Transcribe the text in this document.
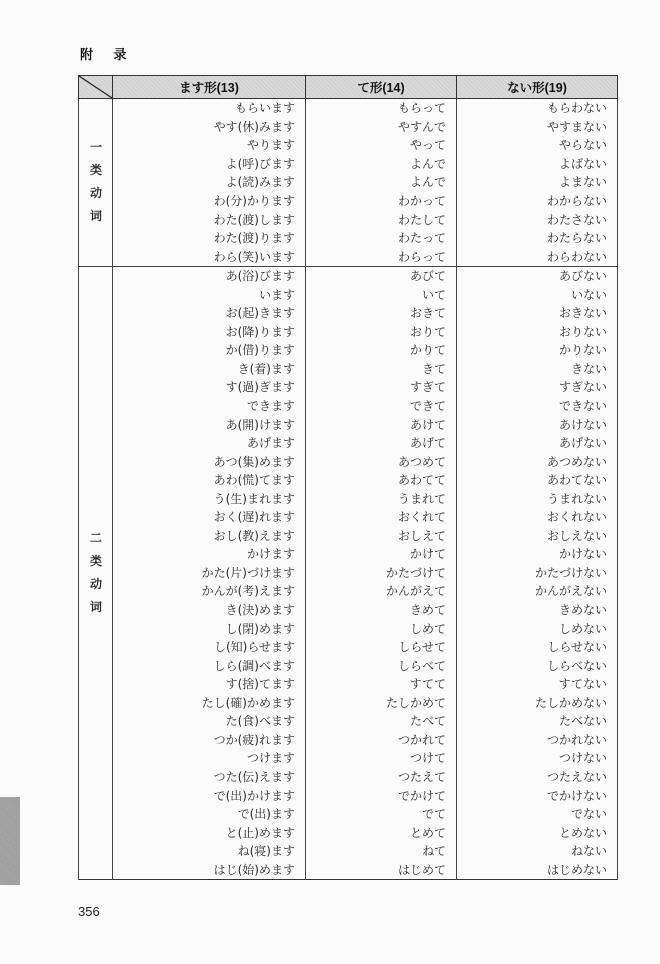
附 录
	ます形(13)	て形(14)	ない形(19)

一
类
动
词	もらいます	もらって	もらわない
	やす(休)みます	やすんで	やすまない
	やります	やって	やらない
	よ(呼)びます	よんで	よばない
	よ(読)みます	よんで	よまない
	わ(分)かります	わかって	わからない
	わた(渡)します	わたして	わたさない
	わた(渡)ります	わたって	わたらない
	わら(笑)います	わらって	わらわない

二
类
动
词	あ(浴)びます	あびて	あびない
	います	いて	いない
	お(起)きます	おきて	おきない
	お(降)ります	おりて	おりない
	か(借)ります	かりて	かりない
	き(着)ます	きて	きない
	す(過)ぎます	すぎて	すぎない
	できます	できて	できない
	あ(開)けます	あけて	あけない
	あげます	あげて	あげない
	あつ(集)めます	あつめて	あつめない
	あわ(慌)てます	あわてて	あわてない
	う(生)まれます	うまれて	うまれない
	おく(遅)れます	おくれて	おくれない
	おし(教)えます	おしえて	おしえない
	かけます	かけて	かけない
	かた(片)づけます	かたづけて	かたづけない
	かんが(考)えます	かんがえて	かんがえない
	き(決)めます	きめて	きめない
	し(閉)めます	しめて	しめない
	し(知)らせます	しらせて	しらせない
	しら(調)べます	しらべて	しらべない
	す(捨)てます	すてて	すてない
	たし(確)かめます	たしかめて	たしかめない
	た(食)べます	たべて	たべない
	つか(疲)れます	つかれて	つかれない
	つけます	つけて	つけない
	つた(伝)えます	つたえて	つたえない
	で(出)かけます	でかけて	でかけない
	で(出)ます	でて	でない
	と(止)めます	とめて	とめない
	ね(寝)ます	ねて	ねない
	はじ(始)めます	はじめて	はじめない
356
